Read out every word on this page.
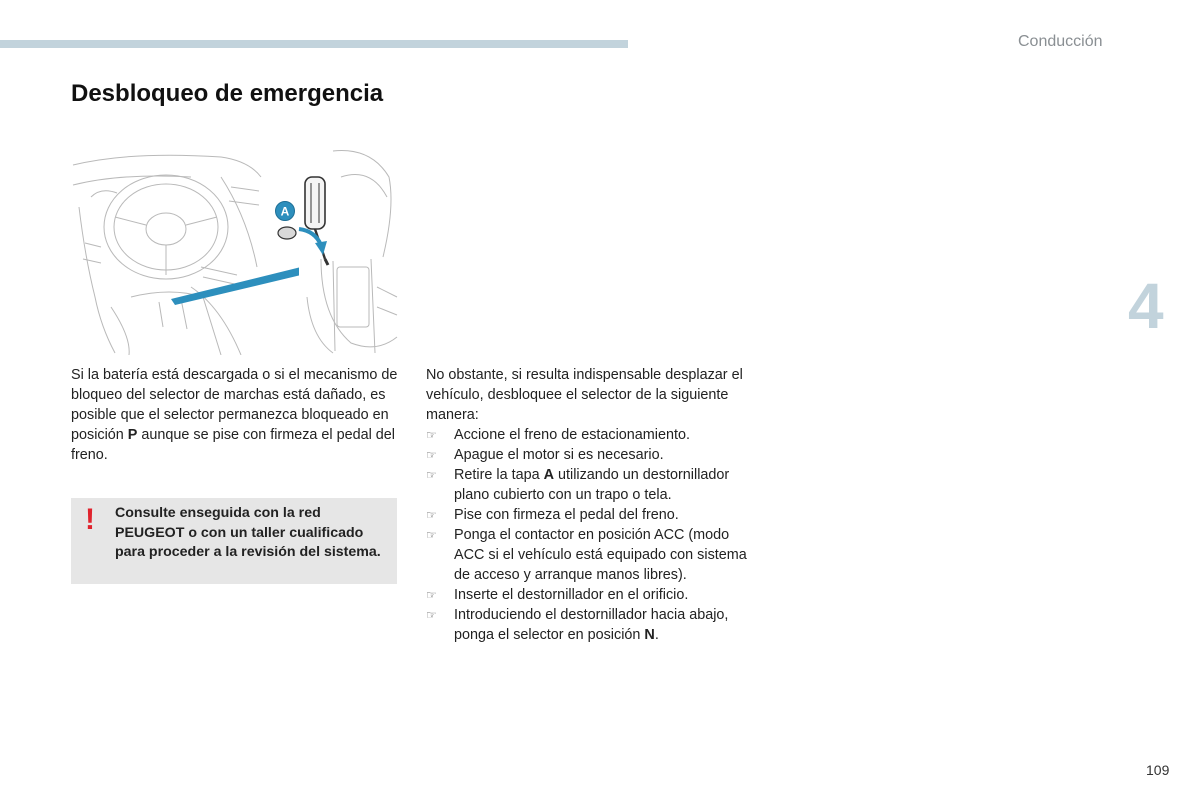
Conducción
Desbloqueo de emergencia
A

Si la batería está descargada o si el mecanismo de bloqueo del selector de marchas está dañado, es posible que el selector permanezca bloqueado en posición P aunque se pise con firmeza el pedal del freno.

! Consulte enseguida con la red PEUGEOT o con un taller cualificado para proceder a la revisión del sistema.

No obstante, si resulta indispensable desplazar el vehículo, desbloquee el selector de la siguiente manera:

☞ Accione el freno de estacionamiento.
☞ Apague el motor si es necesario.
☞ Retire la tapa A utilizando un destornillador plano cubierto con un trapo o tela.
☞ Pise con firmeza el pedal del freno.
☞ Ponga el contactor en posición ACC (modo ACC si el vehículo está equipado con sistema de acceso y arranque manos libres).
☞ Inserte el destornillador en el orificio.
☞ Introduciendo el destornillador hacia abajo, ponga el selector en posición N.
4
109
